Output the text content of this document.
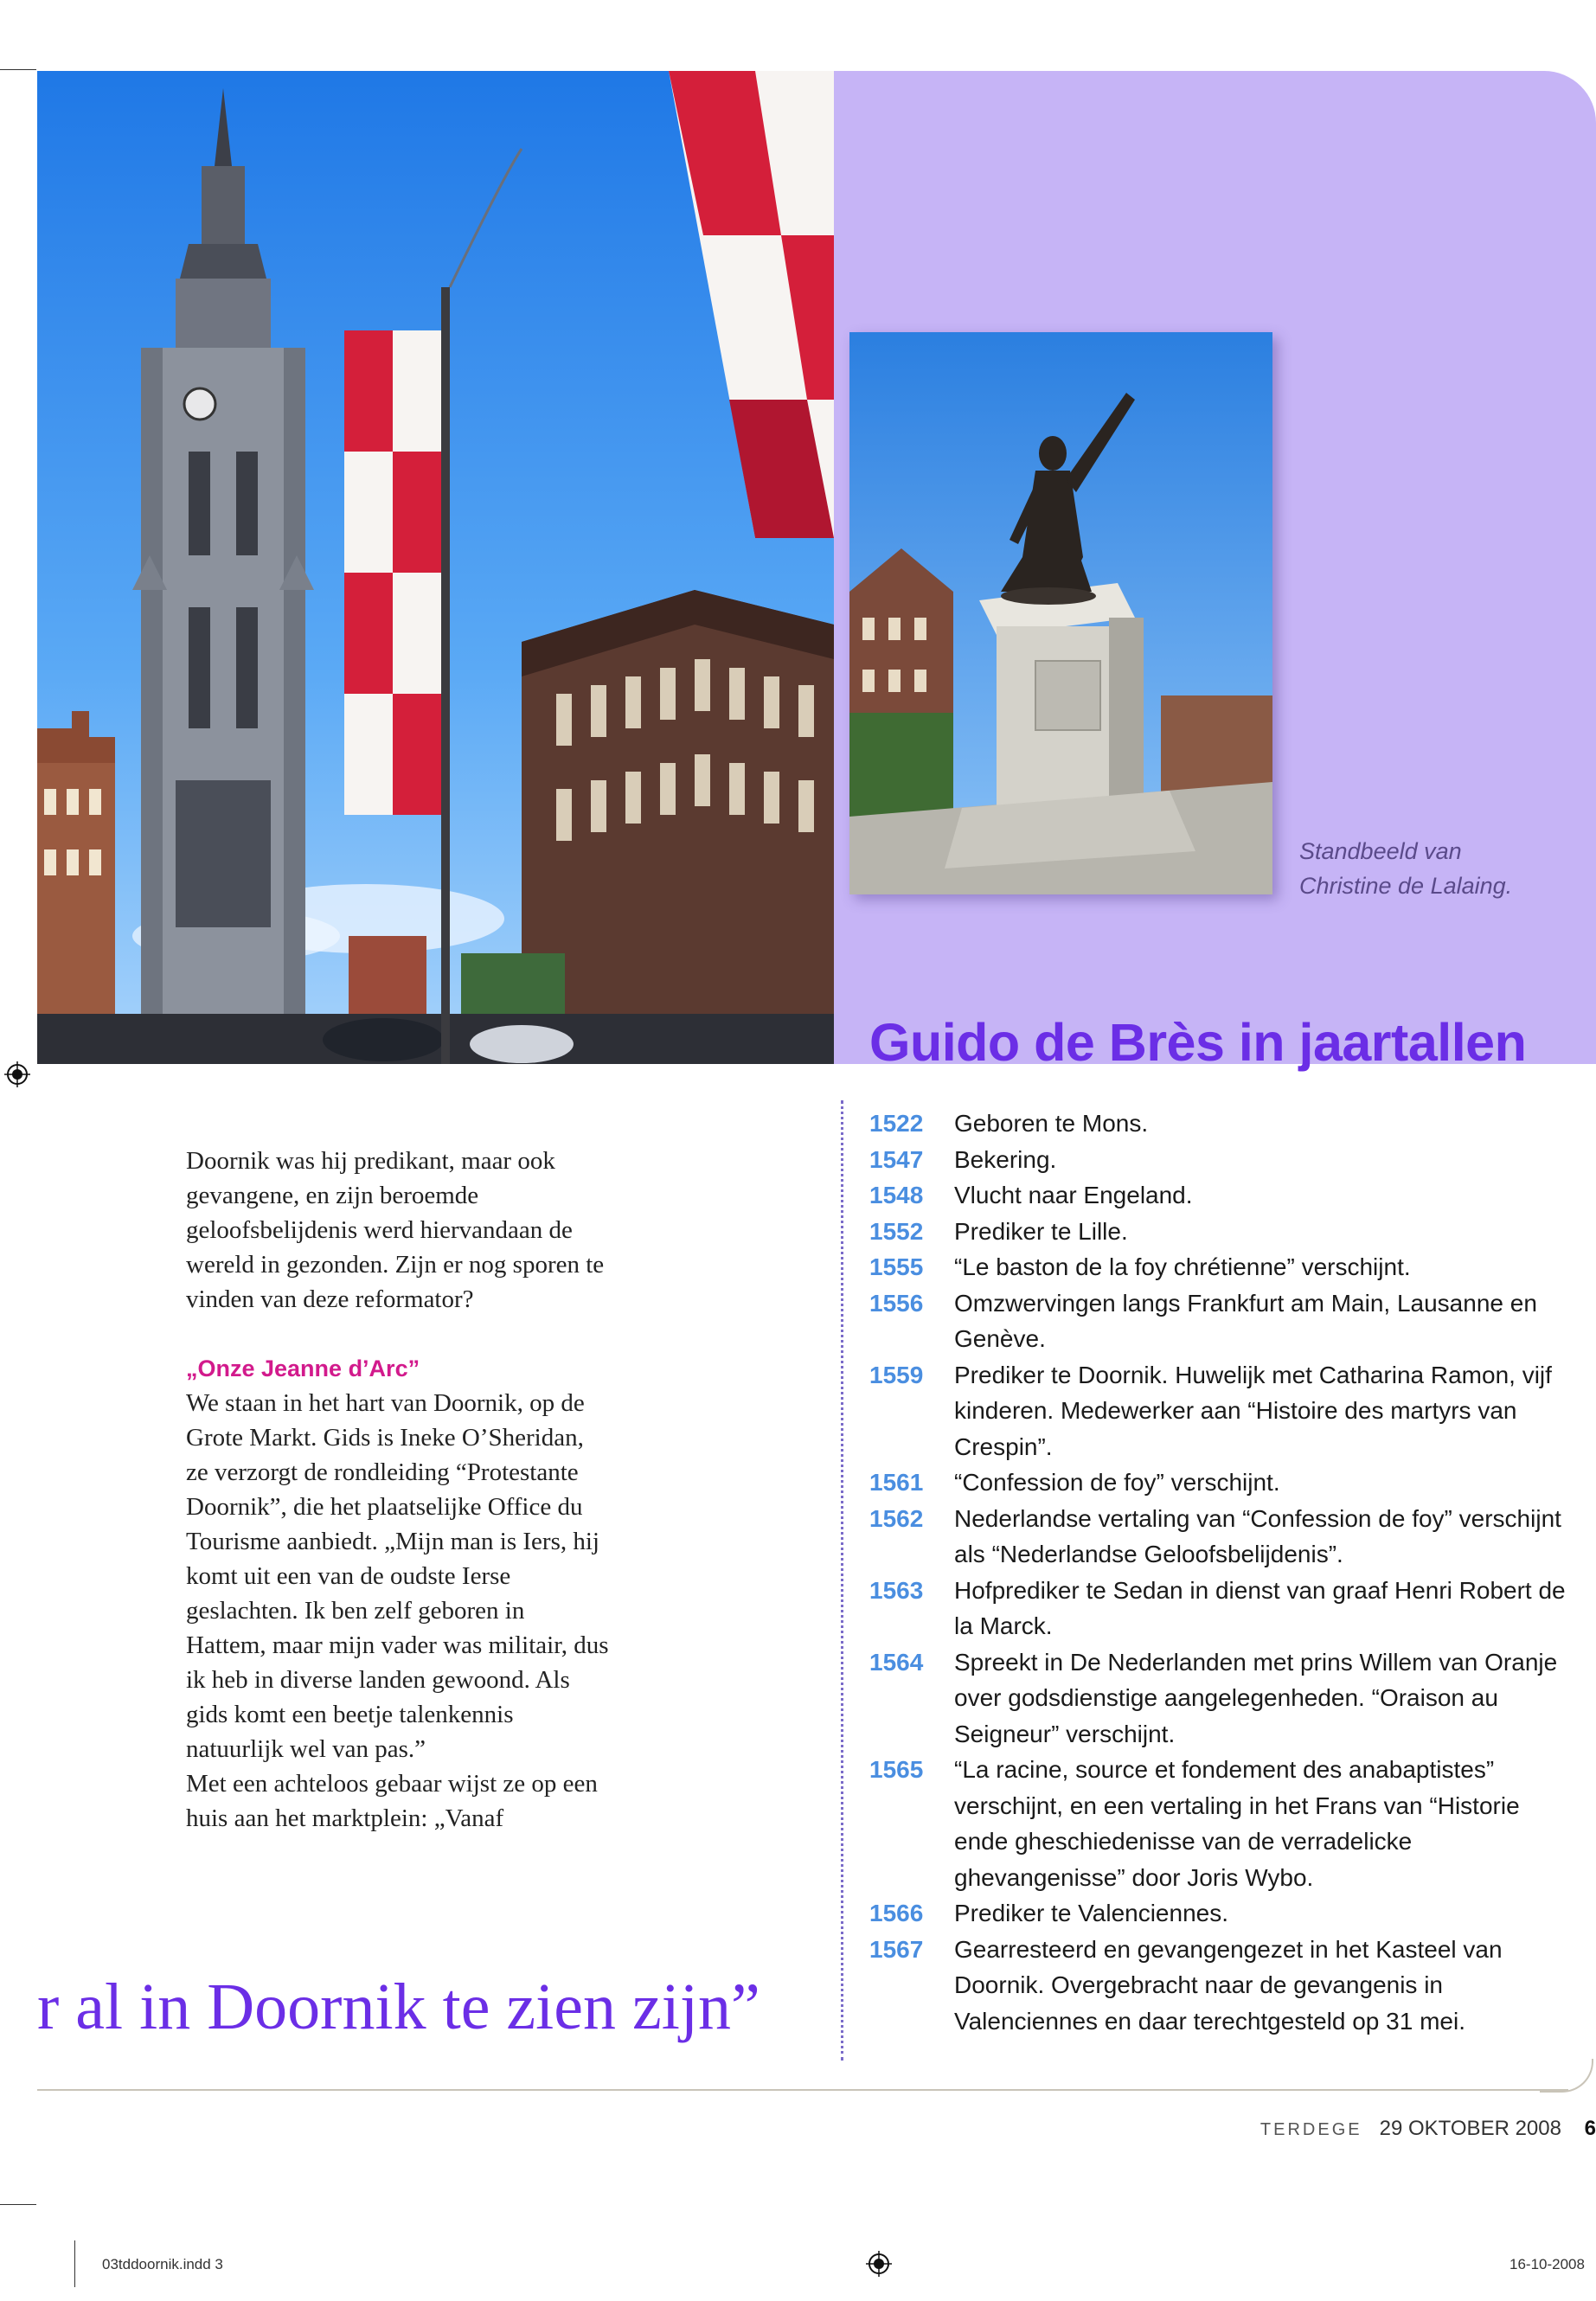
Standbeeld van
Christine de Lalaing.
Guido de Brès in jaartallen

Doornik was hij predikant, maar ook gevangene, en zijn beroemde geloofsbelijdenis werd hiervandaan de wereld in gezonden. Zijn er nog sporen te vinden van deze reformator?

„Onze Jeanne d’Arc”

We staan in het hart van Doornik, op de Grote Markt. Gids is Ineke O’Sheridan, ze verzorgt de rondleiding “Protestante Doornik”, die het plaatselijke Office du Tourisme aanbiedt. „Mijn man is Iers, hij komt uit een van de oudste Ierse geslachten. Ik ben zelf geboren in Hattem, maar mijn vader was militair, dus ik heb in diverse landen gewoond. Als gids komt een beetje talenkennis natuurlijk wel van pas.”

Met een achteloos gebaar wijst ze op een huis aan het marktplein: „Vanaf

r al in Doornik te zien zijn”
1522	Geboren te Mons.
1547	Bekering.
1548	Vlucht naar Engeland.
1552	Prediker te Lille.
1555	“Le baston de la foy chrétienne” verschijnt.
1556	Omzwervingen langs Frankfurt am Main, Lausanne en Genève.
1559	Prediker te Doornik. Huwelijk met Catharina Ramon, vijf kinderen. Medewerker aan “Histoire des martyrs van Crespin”.
1561	“Confession de foy” verschijnt.
1562	Nederlandse vertaling van “Confession de foy” verschijnt als “Nederlandse Geloofsbelijdenis”.
1563	Hofprediker te Sedan in dienst van graaf Henri Robert de la Marck.
1564	Spreekt in De Nederlanden met prins Willem van Oranje over godsdienstige aangelegenheden. “Oraison au Seigneur” verschijnt.
1565	“La racine, source et fondement des anabaptistes” verschijnt, en een vertaling in het Frans van “Historie ende gheschiedenisse van de verradelicke ghevangenisse” door Joris Wybo.
1566	Prediker te Valenciennes.
1567	Gearresteerd en gevangengezet in het Kasteel van Doornik. Overgebracht naar de gevangenis in Valenciennes en daar terechtgesteld op 31 mei.
TERDEGE 29 OKTOBER 2008 6
03tddoornik.indd 3	16-10-2008
